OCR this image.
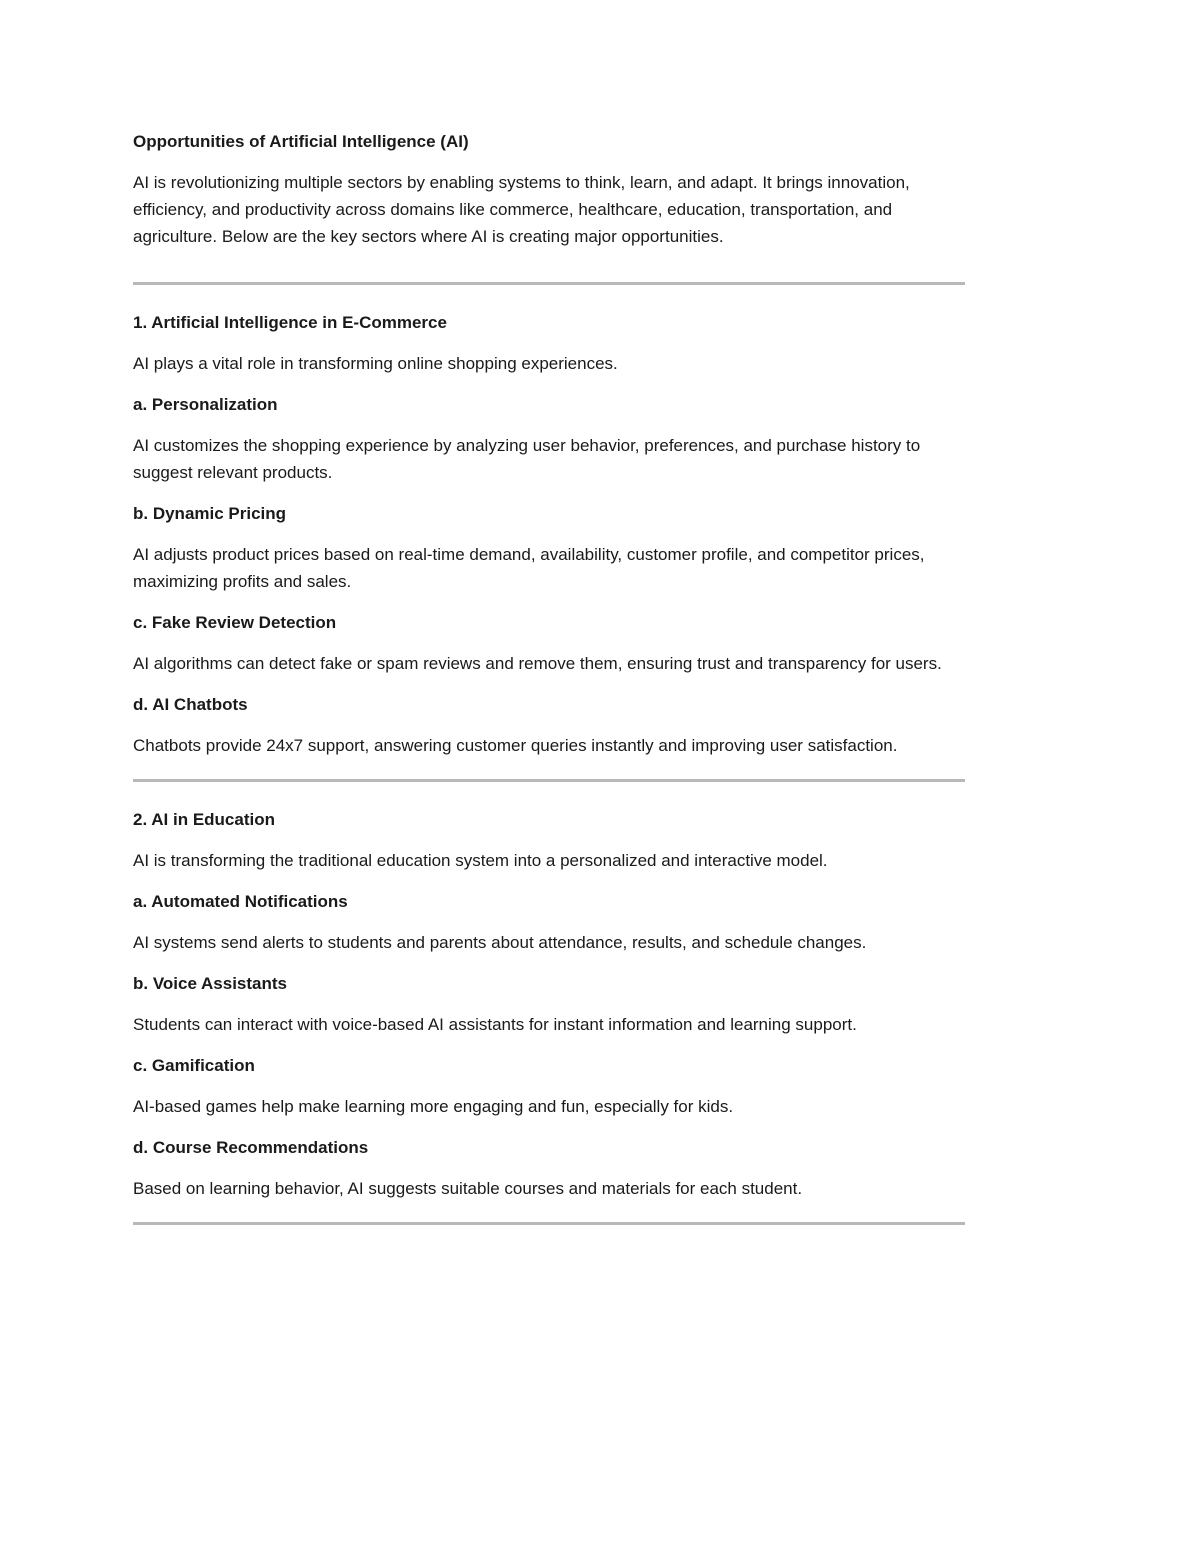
Opportunities of Artificial Intelligence (AI)
AI is revolutionizing multiple sectors by enabling systems to think, learn, and adapt. It brings innovation, efficiency, and productivity across domains like commerce, healthcare, education, transportation, and agriculture. Below are the key sectors where AI is creating major opportunities.
1. Artificial Intelligence in E-Commerce
AI plays a vital role in transforming online shopping experiences.
a. Personalization
AI customizes the shopping experience by analyzing user behavior, preferences, and purchase history to suggest relevant products.
b. Dynamic Pricing
AI adjusts product prices based on real-time demand, availability, customer profile, and competitor prices, maximizing profits and sales.
c. Fake Review Detection
AI algorithms can detect fake or spam reviews and remove them, ensuring trust and transparency for users.
d. AI Chatbots
Chatbots provide 24x7 support, answering customer queries instantly and improving user satisfaction.
2. AI in Education
AI is transforming the traditional education system into a personalized and interactive model.
a. Automated Notifications
AI systems send alerts to students and parents about attendance, results, and schedule changes.
b. Voice Assistants
Students can interact with voice-based AI assistants for instant information and learning support.
c. Gamification
AI-based games help make learning more engaging and fun, especially for kids.
d. Course Recommendations
Based on learning behavior, AI suggests suitable courses and materials for each student.
